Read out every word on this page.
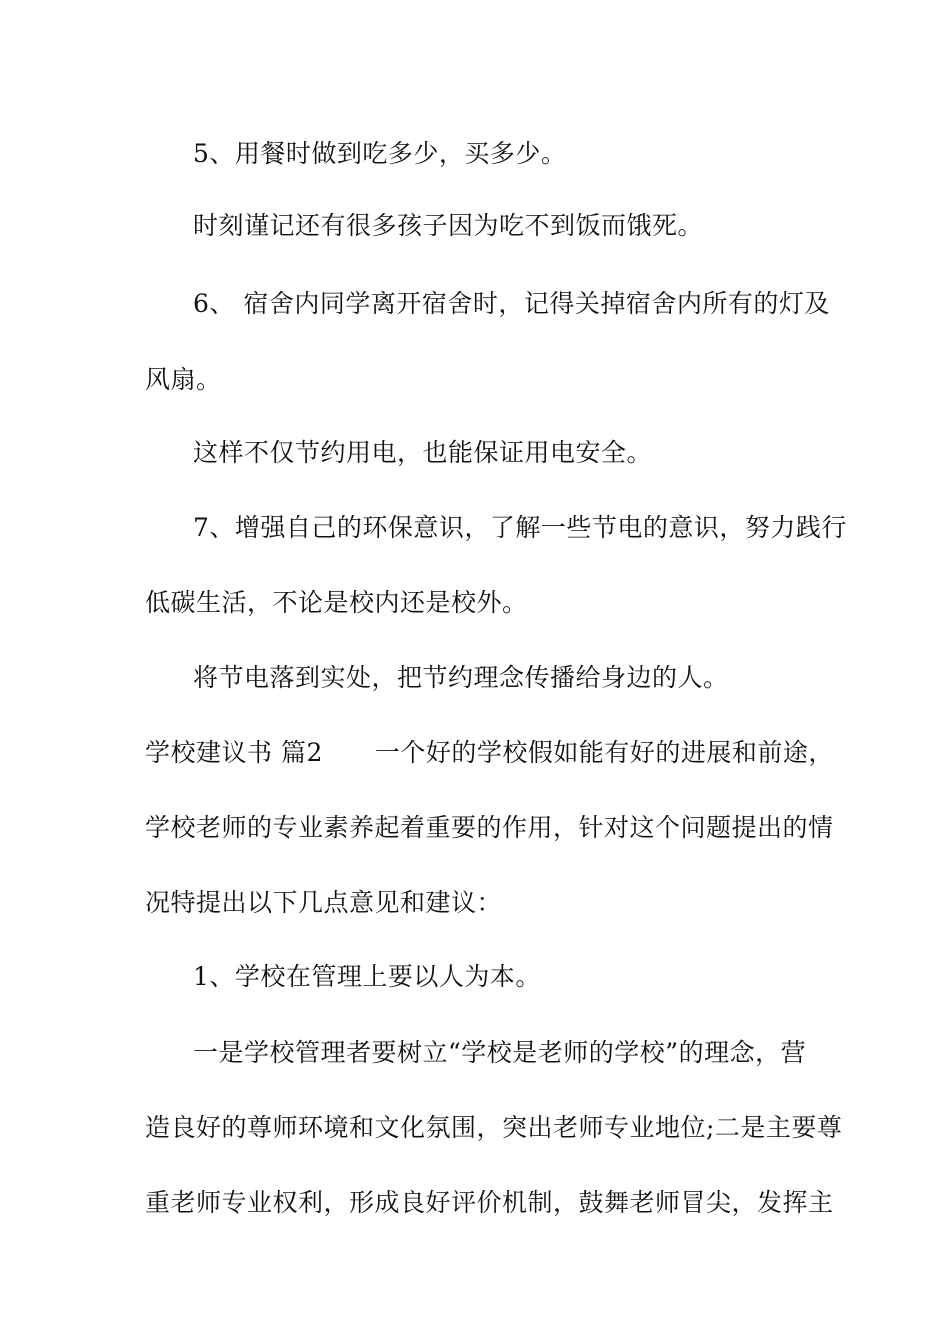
5、用餐时做到吃多少，买多少。
时刻谨记还有很多孩子因为吃不到饭而饿死。
6、 宿舍内同学离开宿舍时，记得关掉宿舍内所有的灯及
风扇。
这样不仅节约用电，也能保证用电安全。
7、增强自己的环保意识，了解一些节电的意识，努力践行
低碳生活，不论是校内还是校外。
将节电落到实处，把节约理念传播给身边的人。
学校建议书 篇2 一个好的学校假如能有好的进展和前途，
学校老师的专业素养起着重要的作用，针对这个问题提出的情
况特提出以下几点意见和建议：
1、学校在管理上要以人为本。
一是学校管理者要树立“学校是老师的学校”的理念，营
造良好的尊师环境和文化氛围，突出老师专业地位;二是主要尊
重老师专业权利，形成良好评价机制，鼓舞老师冒尖，发挥主
